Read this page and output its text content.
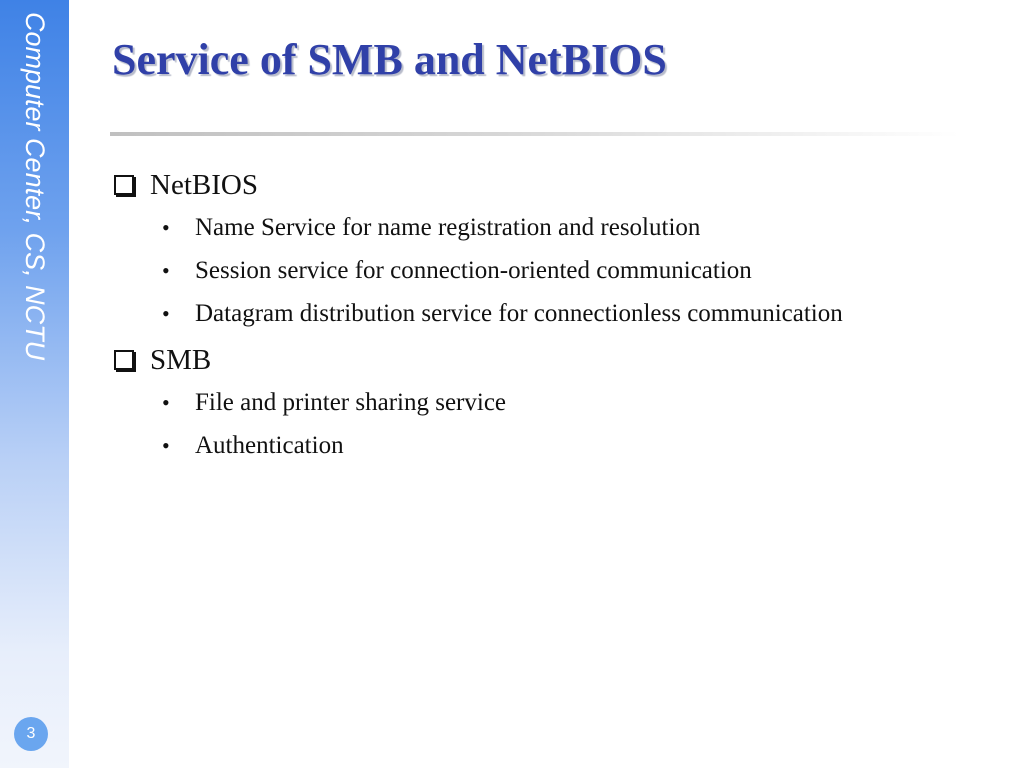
Computer Center, CS, NCTU
3
Service of SMB and NetBIOS
NetBIOS
•	Name Service for name registration and resolution
•	Session service for connection-oriented communication
•	Datagram distribution service for connectionless communication
SMB
•	File and printer sharing service
•	Authentication
